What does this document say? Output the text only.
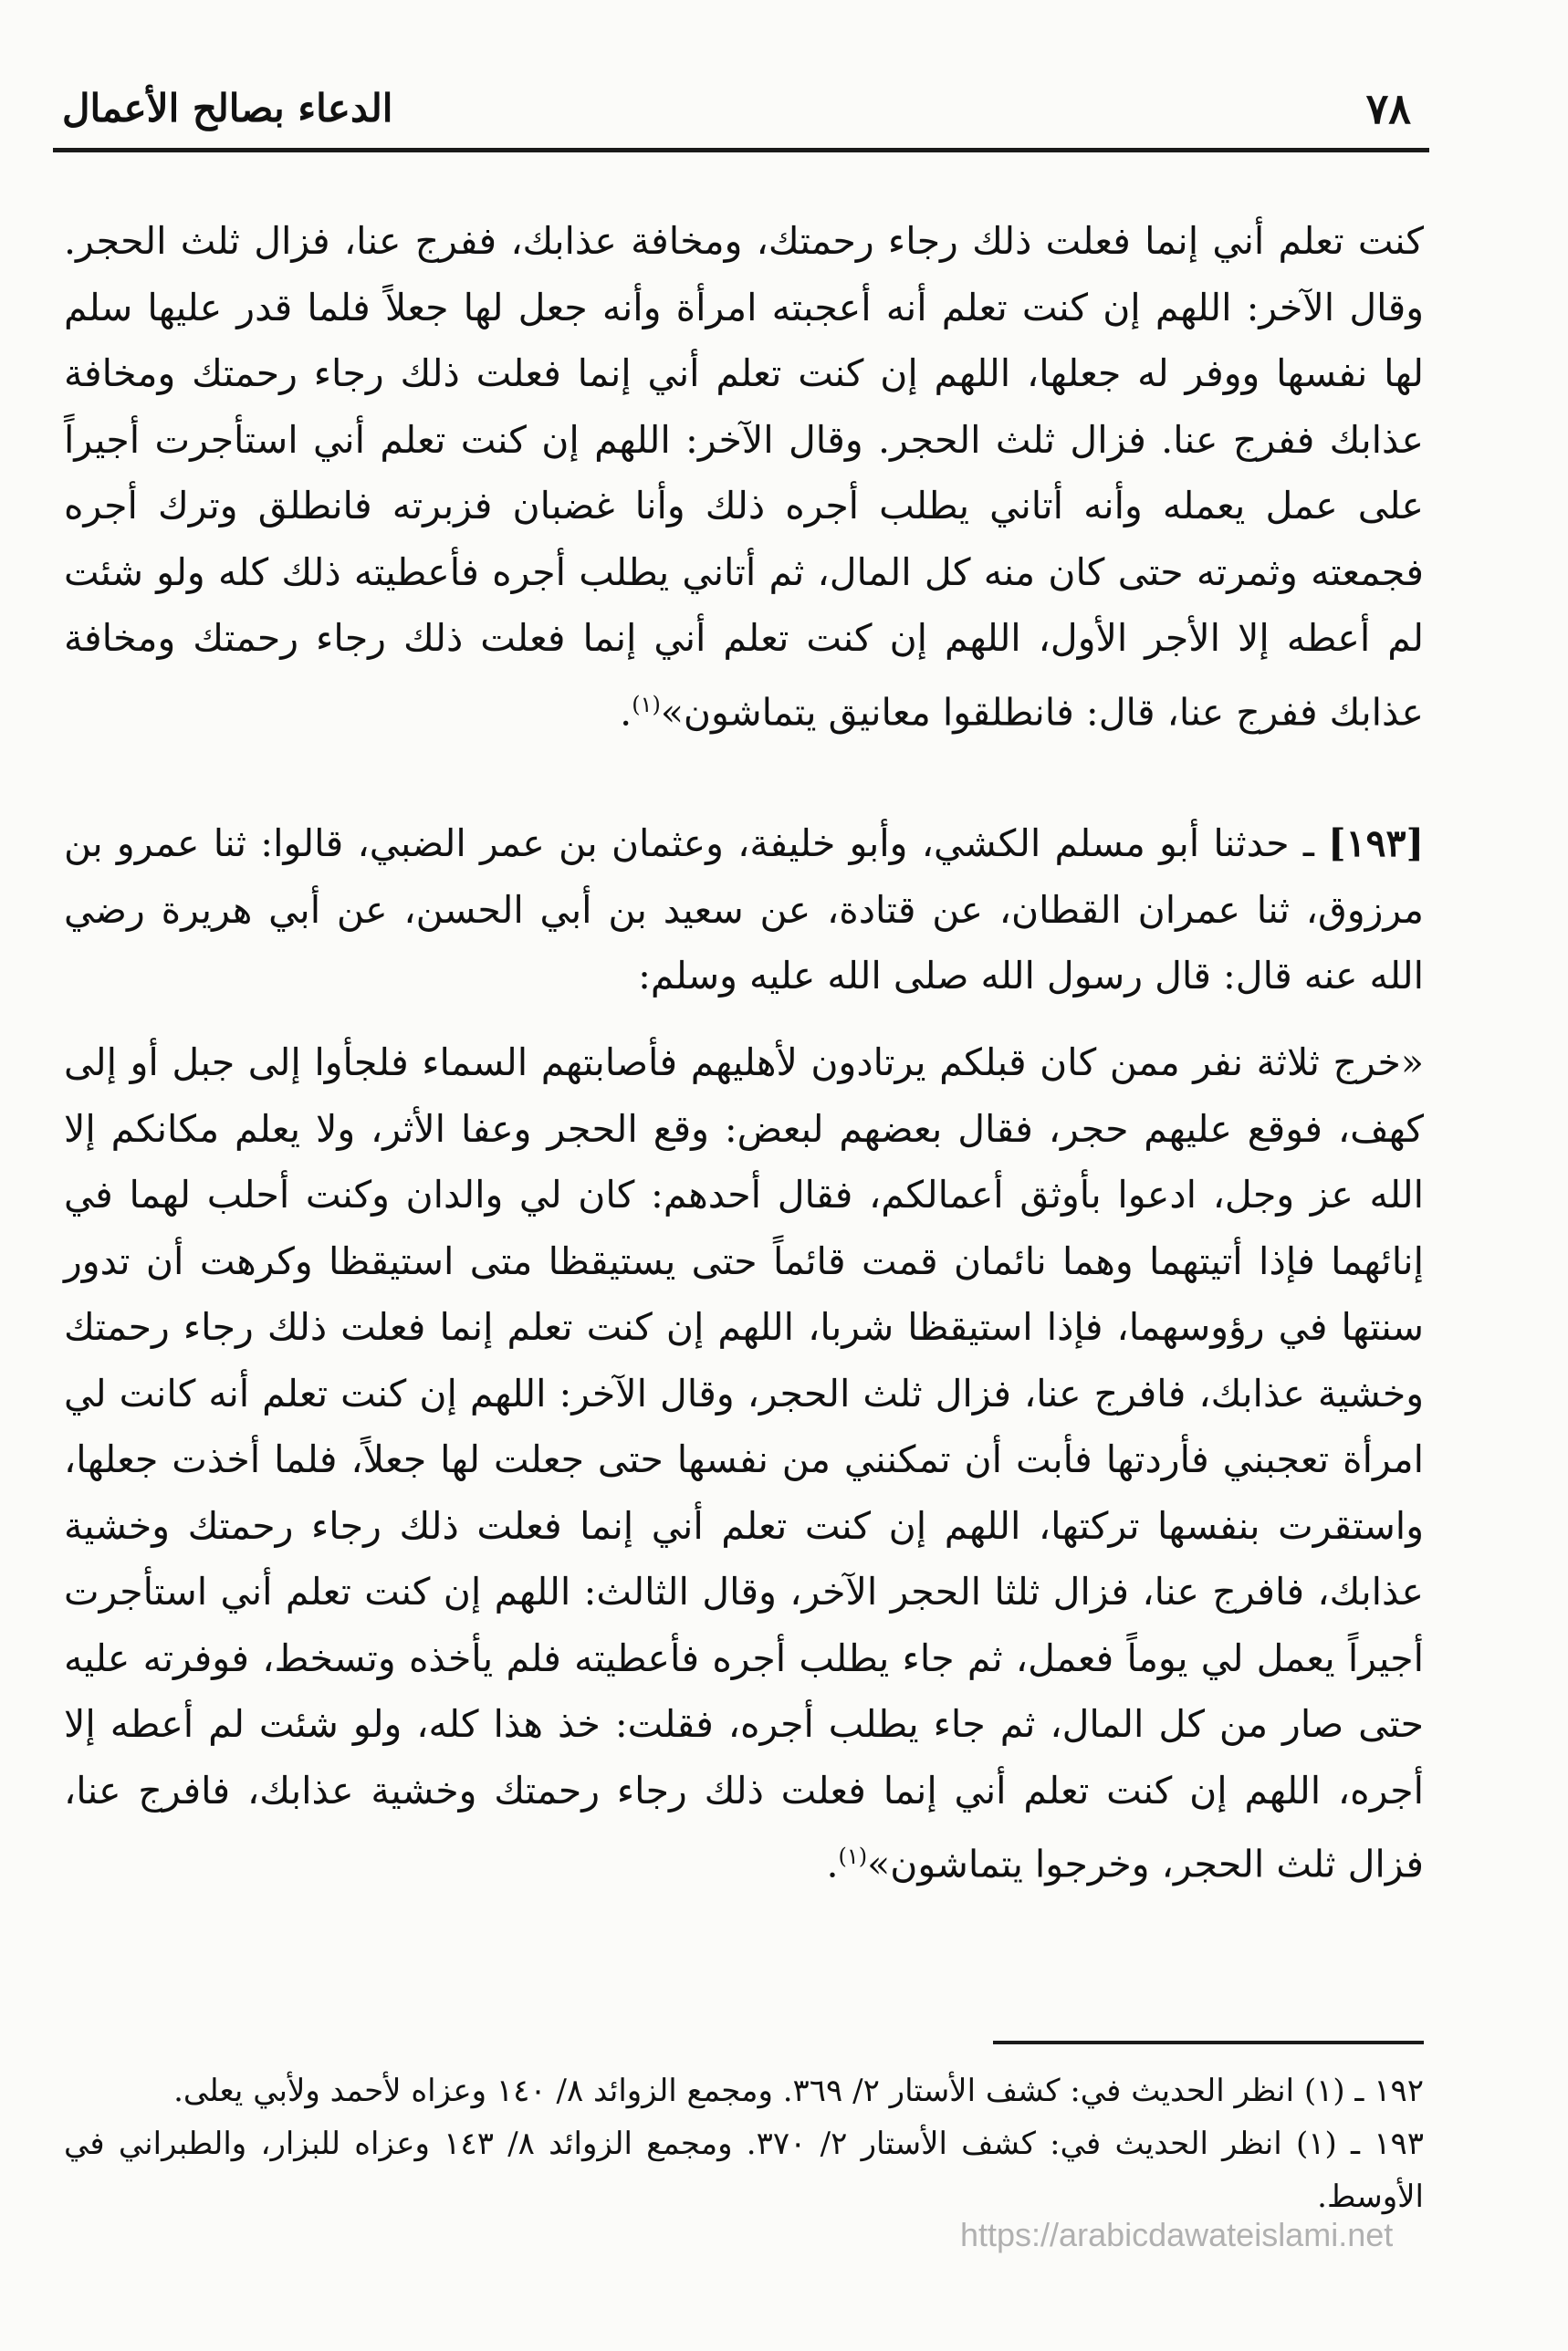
٧٨
الدعاء بصالح الأعمال

كنت تعلم أني إنما فعلت ذلك رجاء رحمتك، ومخافة عذابك، ففرج عنا، فزال ثلث الحجر. وقال الآخر: اللهم إن كنت تعلم أنه أعجبته امرأة وأنه جعل لها جعلاً فلما قدر عليها سلم لها نفسها ووفر له جعلها، اللهم إن كنت تعلم أني إنما فعلت ذلك رجاء رحمتك ومخافة عذابك ففرج عنا. فزال ثلث الحجر. وقال الآخر: اللهم إن كنت تعلم أني استأجرت أجيراً على عمل يعمله وأنه أتاني يطلب أجره ذلك وأنا غضبان فزبرته فانطلق وترك أجره فجمعته وثمرته حتى كان منه كل المال، ثم أتاني يطلب أجره فأعطيته ذلك كله ولو شئت لم أعطه إلا الأجر الأول، اللهم إن كنت تعلم أني إنما فعلت ذلك رجاء رحمتك ومخافة عذابك ففرج عنا، قال: فانطلقوا معانيق يتماشون»$^{(١)}$.

[١٩٣] ـ حدثنا أبو مسلم الكشي، وأبو خليفة، وعثمان بن عمر الضبي، قالوا: ثنا عمرو بن مرزوق، ثنا عمران القطان، عن قتادة، عن سعيد بن أبي الحسن، عن أبي هريرة رضي الله عنه قال: قال رسول الله صلى الله عليه وسلم:

«خرج ثلاثة نفر ممن كان قبلكم يرتادون لأهليهم فأصابتهم السماء فلجأوا إلى جبل أو إلى كهف، فوقع عليهم حجر، فقال بعضهم لبعض: وقع الحجر وعفا الأثر، ولا يعلم مكانكم إلا الله عز وجل، ادعوا بأوثق أعمالكم، فقال أحدهم: كان لي والدان وكنت أحلب لهما في إنائهما فإذا أتيتهما وهما نائمان قمت قائماً حتى يستيقظا متى استيقظا وكرهت أن تدور سنتها في رؤوسهما، فإذا استيقظا شربا، اللهم إن كنت تعلم إنما فعلت ذلك رجاء رحمتك وخشية عذابك، فافرج عنا، فزال ثلث الحجر، وقال الآخر: اللهم إن كنت تعلم أنه كانت لي امرأة تعجبني فأردتها فأبت أن تمكنني من نفسها حتى جعلت لها جعلاً، فلما أخذت جعلها، واستقرت بنفسها تركتها، اللهم إن كنت تعلم أني إنما فعلت ذلك رجاء رحمتك وخشية عذابك، فافرج عنا، فزال ثلثا الحجر الآخر، وقال الثالث: اللهم إن كنت تعلم أني استأجرت أجيراً يعمل لي يوماً فعمل، ثم جاء يطلب أجره فأعطيته فلم يأخذه وتسخط، فوفرته عليه حتى صار من كل المال، ثم جاء يطلب أجره، فقلت: خذ هذا كله، ولو شئت لم أعطه إلا أجره، اللهم إن كنت تعلم أني إنما فعلت ذلك رجاء رحمتك وخشية عذابك، فافرج عنا، فزال ثلث الحجر، وخرجوا يتماشون»$^{(١)}$.

١٩٢ ـ (١) انظر الحديث في: كشف الأستار ٢/ ٣٦٩. ومجمع الزوائد ٨/ ١٤٠ وعزاه لأحمد ولأبي يعلى.

١٩٣ ـ (١) انظر الحديث في: كشف الأستار ٢/ ٣٧٠. ومجمع الزوائد ٨/ ١٤٣ وعزاه للبزار، والطبراني في الأوسط.

https://arabicdawateislami.net
